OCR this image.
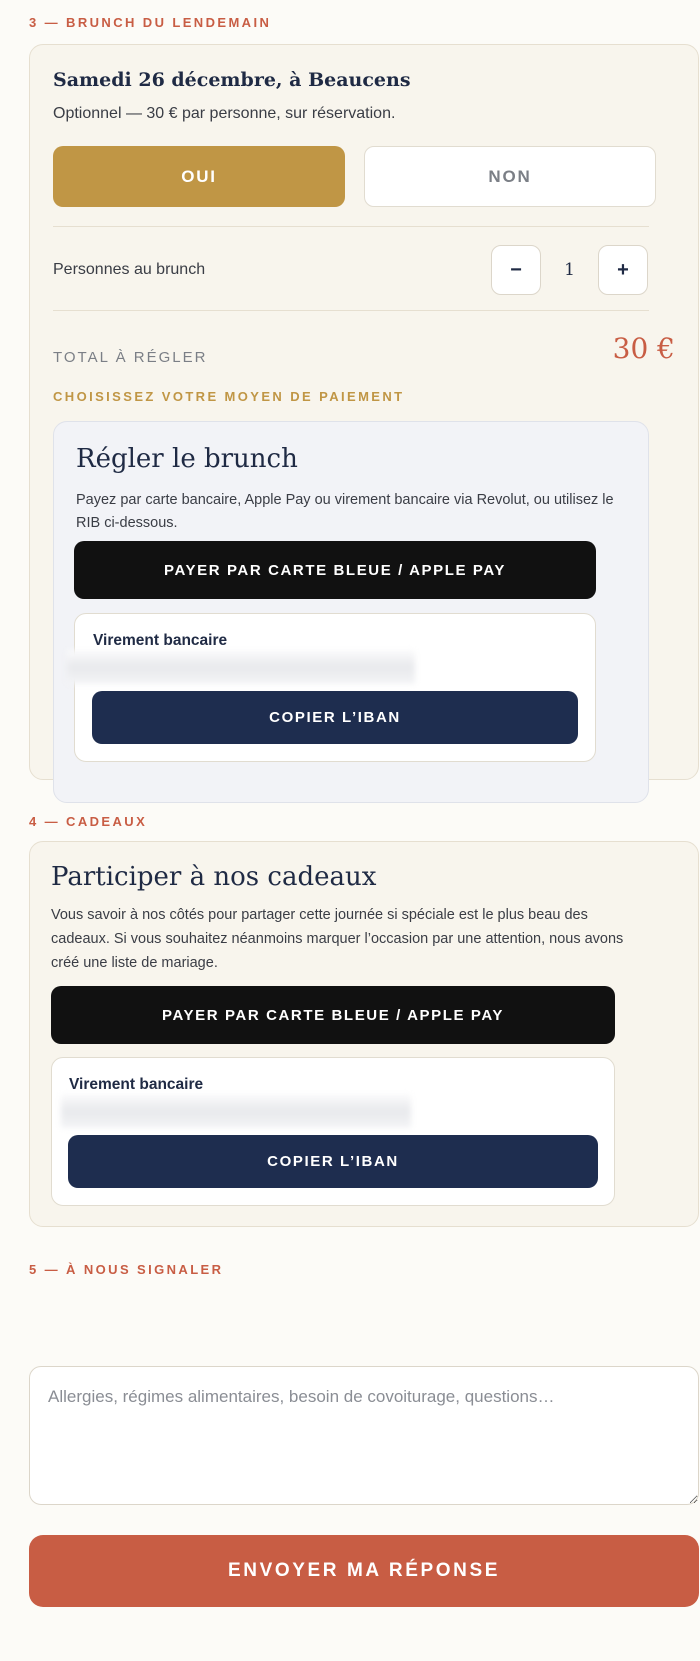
3 — BRUNCH DU LENDEMAIN
Samedi 26 décembre, à Beaucens
Optionnel — 30 € par personne, sur réservation.
OUI	NON
Personnes au brunch	−	1	+
TOTAL À RÉGLER	30 €
CHOISISSEZ VOTRE MOYEN DE PAIEMENT
Régler le brunch
Payez par carte bancaire, Apple Pay ou virement bancaire via Revolut, ou utilisez le RIB ci-dessous.
PAYER PAR CARTE BLEUE / APPLE PAY
Virement bancaire
COPIER L’IBAN
4 — CADEAUX
Participer à nos cadeaux
Vous savoir à nos côtés pour partager cette journée si spéciale est le plus beau des cadeaux. Si vous souhaitez néanmoins marquer l’occasion par une attention, nous avons créé une liste de mariage.
PAYER PAR CARTE BLEUE / APPLE PAY
Virement bancaire
COPIER L’IBAN
5 — À NOUS SIGNALER
Allergies, régimes alimentaires, besoin de covoiturage, questions…
ENVOYER MA RÉPONSE
